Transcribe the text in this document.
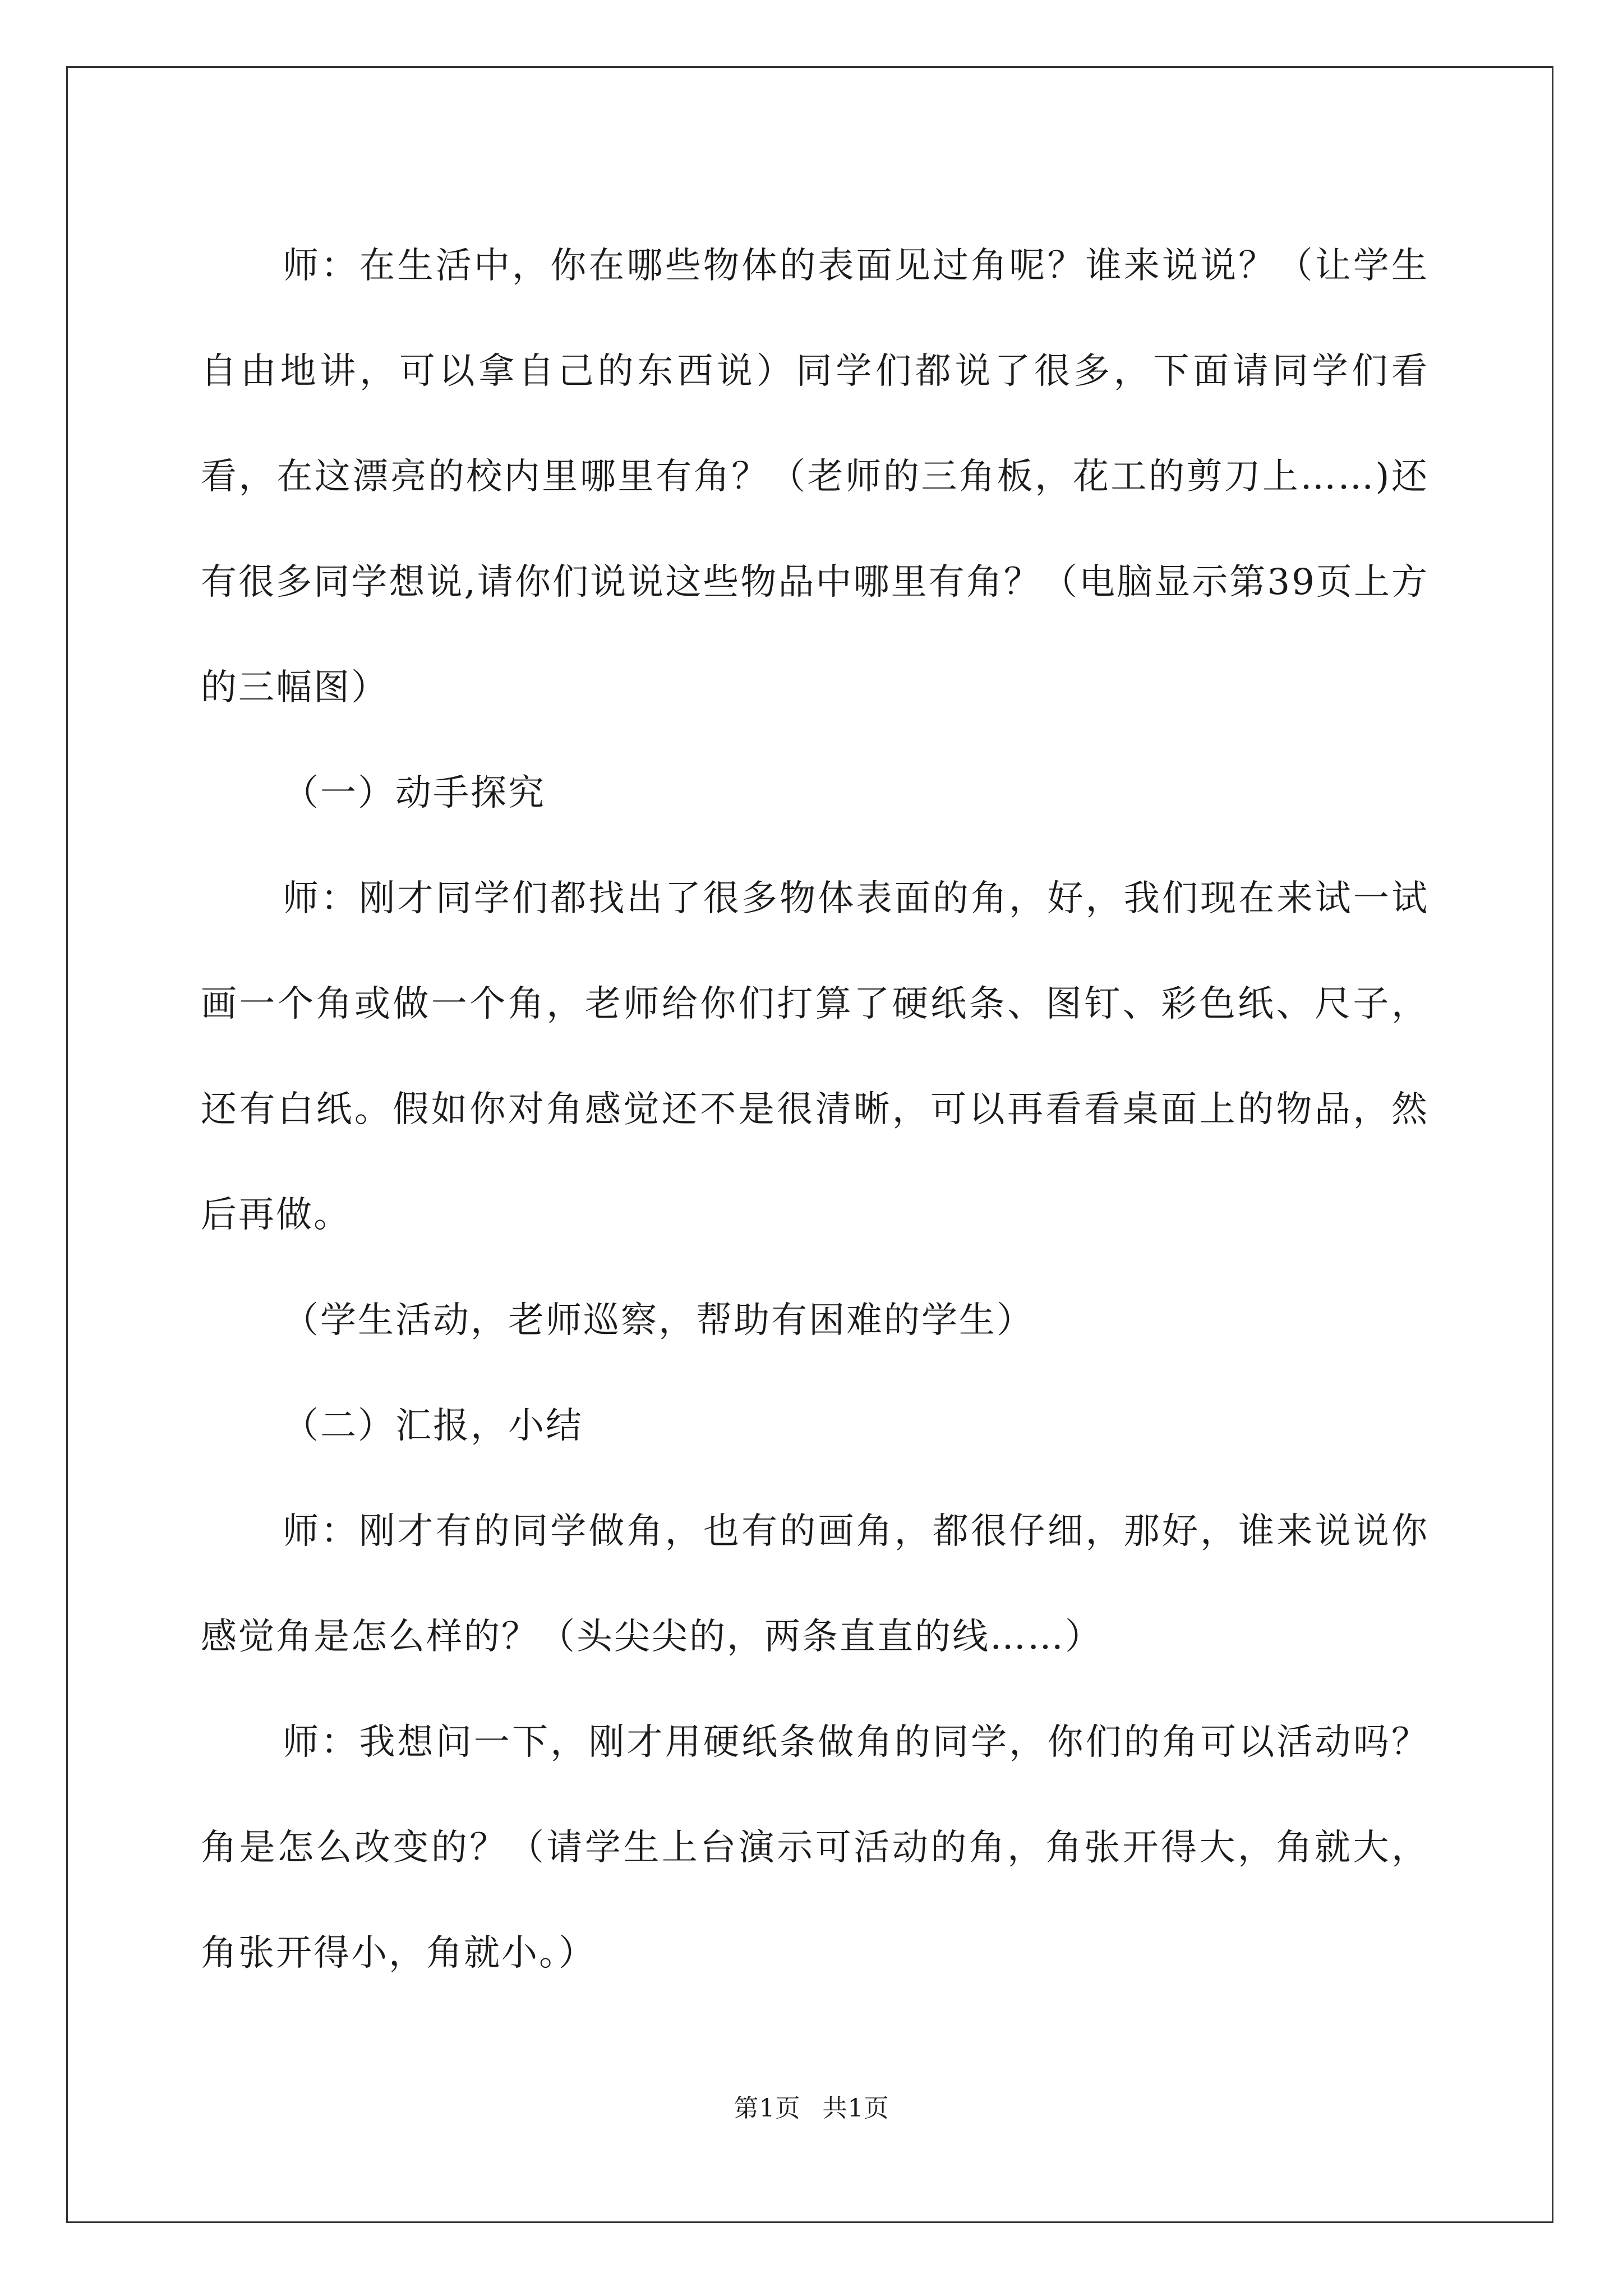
师：在生活中，你在哪些物体的表面见过角呢？谁来说说？（让学生自由地讲，可以拿自己的东西说）同学们都说了很多，下面请同学们看看，在这漂亮的校内里哪里有角？（老师的三角板，花工的剪刀上……)还有很多同学想说,请你们说说这些物品中哪里有角？（电脑显示第39页上方的三幅图）

（一）动手探究

师：刚才同学们都找出了很多物体表面的角，好，我们现在来试一试画一个角或做一个角，老师给你们打算了硬纸条、图钉、彩色纸、尺子，还有白纸。假如你对角感觉还不是很清晰，可以再看看桌面上的物品，然后再做。

（学生活动，老师巡察，帮助有困难的学生）

（二）汇报，小结

师：刚才有的同学做角，也有的画角，都很仔细，那好，谁来说说你感觉角是怎么样的？（头尖尖的，两条直直的线……）

师：我想问一下，刚才用硬纸条做角的同学，你们的角可以活动吗？角是怎么改变的？（请学生上台演示可活动的角，角张开得大，角就大，角张开得小，角就小。）

第1页 共1页
